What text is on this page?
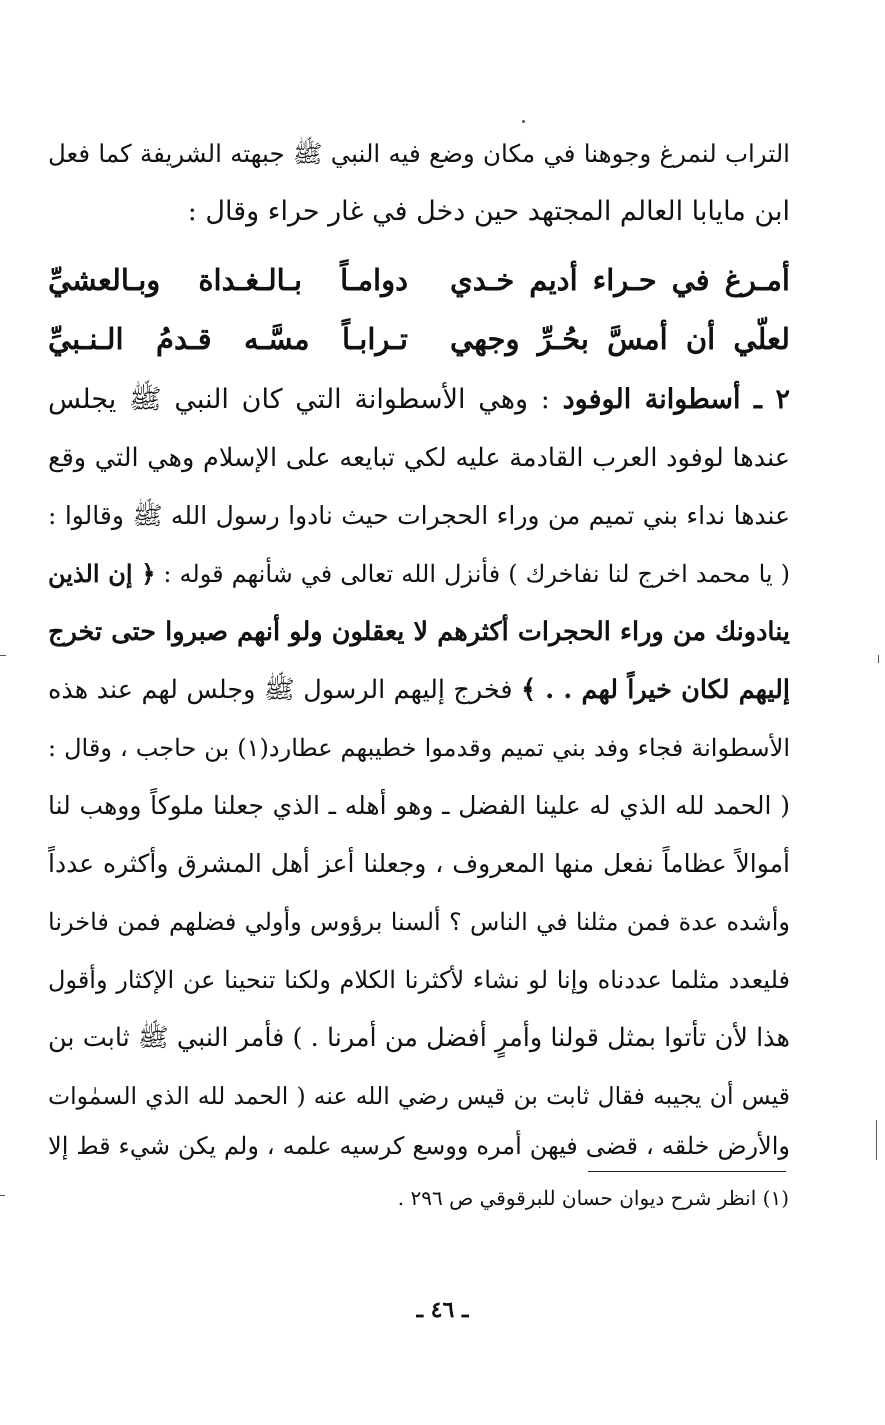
التراب لنمرغ وجوهنا في مكان وضع فيه النبي ﷺ جبهته الشريفة كما فعل
ابن مايابا العالم المجتهد حين دخل في غار حراء وقال :
أمـرغ في حـراء أديم خـدي
دوامـاً بـالـغـداة وبـالعشيِّ
لعلّي أن أمسَّ بحُـرِّ وجهي
تـرابـاً مسَّـه قـدمُ الـنـبيِّ
٢ ـ أسطوانة الوفود : وهي الأسطوانة التي كان النبي ﷺ يجلس
عندها لوفود العرب القادمة عليه لكي تبايعه على الإسلام وهي التي وقع
عندها نداء بني تميم من وراء الحجرات حيث نادوا رسول الله ﷺ وقالوا :
( يا محمد اخرج لنا نفاخرك ) فأنزل الله تعالى في شأنهم قوله : ﴿ إن الذين
ينادونك من وراء الحجرات أكثرهم لا يعقلون ولو أنهم صبروا حتى تخرج
إليهم لكان خيراً لهم . . ﴾ فخرج إليهم الرسول ﷺ وجلس لهم عند هذه
الأسطوانة فجاء وفد بني تميم وقدموا خطيبهم عطارد(١) بن حاجب ، وقال :
( الحمد لله الذي له علينا الفضل ـ وهو أهله ـ الذي جعلنا ملوكاً ووهب لنا
أموالاً عظاماً نفعل منها المعروف ، وجعلنا أعز أهل المشرق وأكثره عدداً
وأشده عدة فمن مثلنا في الناس ؟ ألسنا برؤوس وأولي فضلهم فمن فاخرنا
فليعدد مثلما عددناه وإنا لو نشاء لأكثرنا الكلام ولكنا تنحينا عن الإكثار وأقول
هذا لأن تأتوا بمثل قولنا وأمرٍ أفضل من أمرنا . ) فأمر النبي ﷺ ثابت بن
قيس أن يجيبه فقال ثابت بن قيس رضي الله عنه ( الحمد لله الذي السمٰوات
والأرض خلقه ، قضى فيهن أمره ووسع كرسيه علمه ، ولم يكن شيء قط إلا
(١) انظر شرح ديوان حسان للبرقوقي ص ٢٩٦ .
ـ ٤٦ ـ
